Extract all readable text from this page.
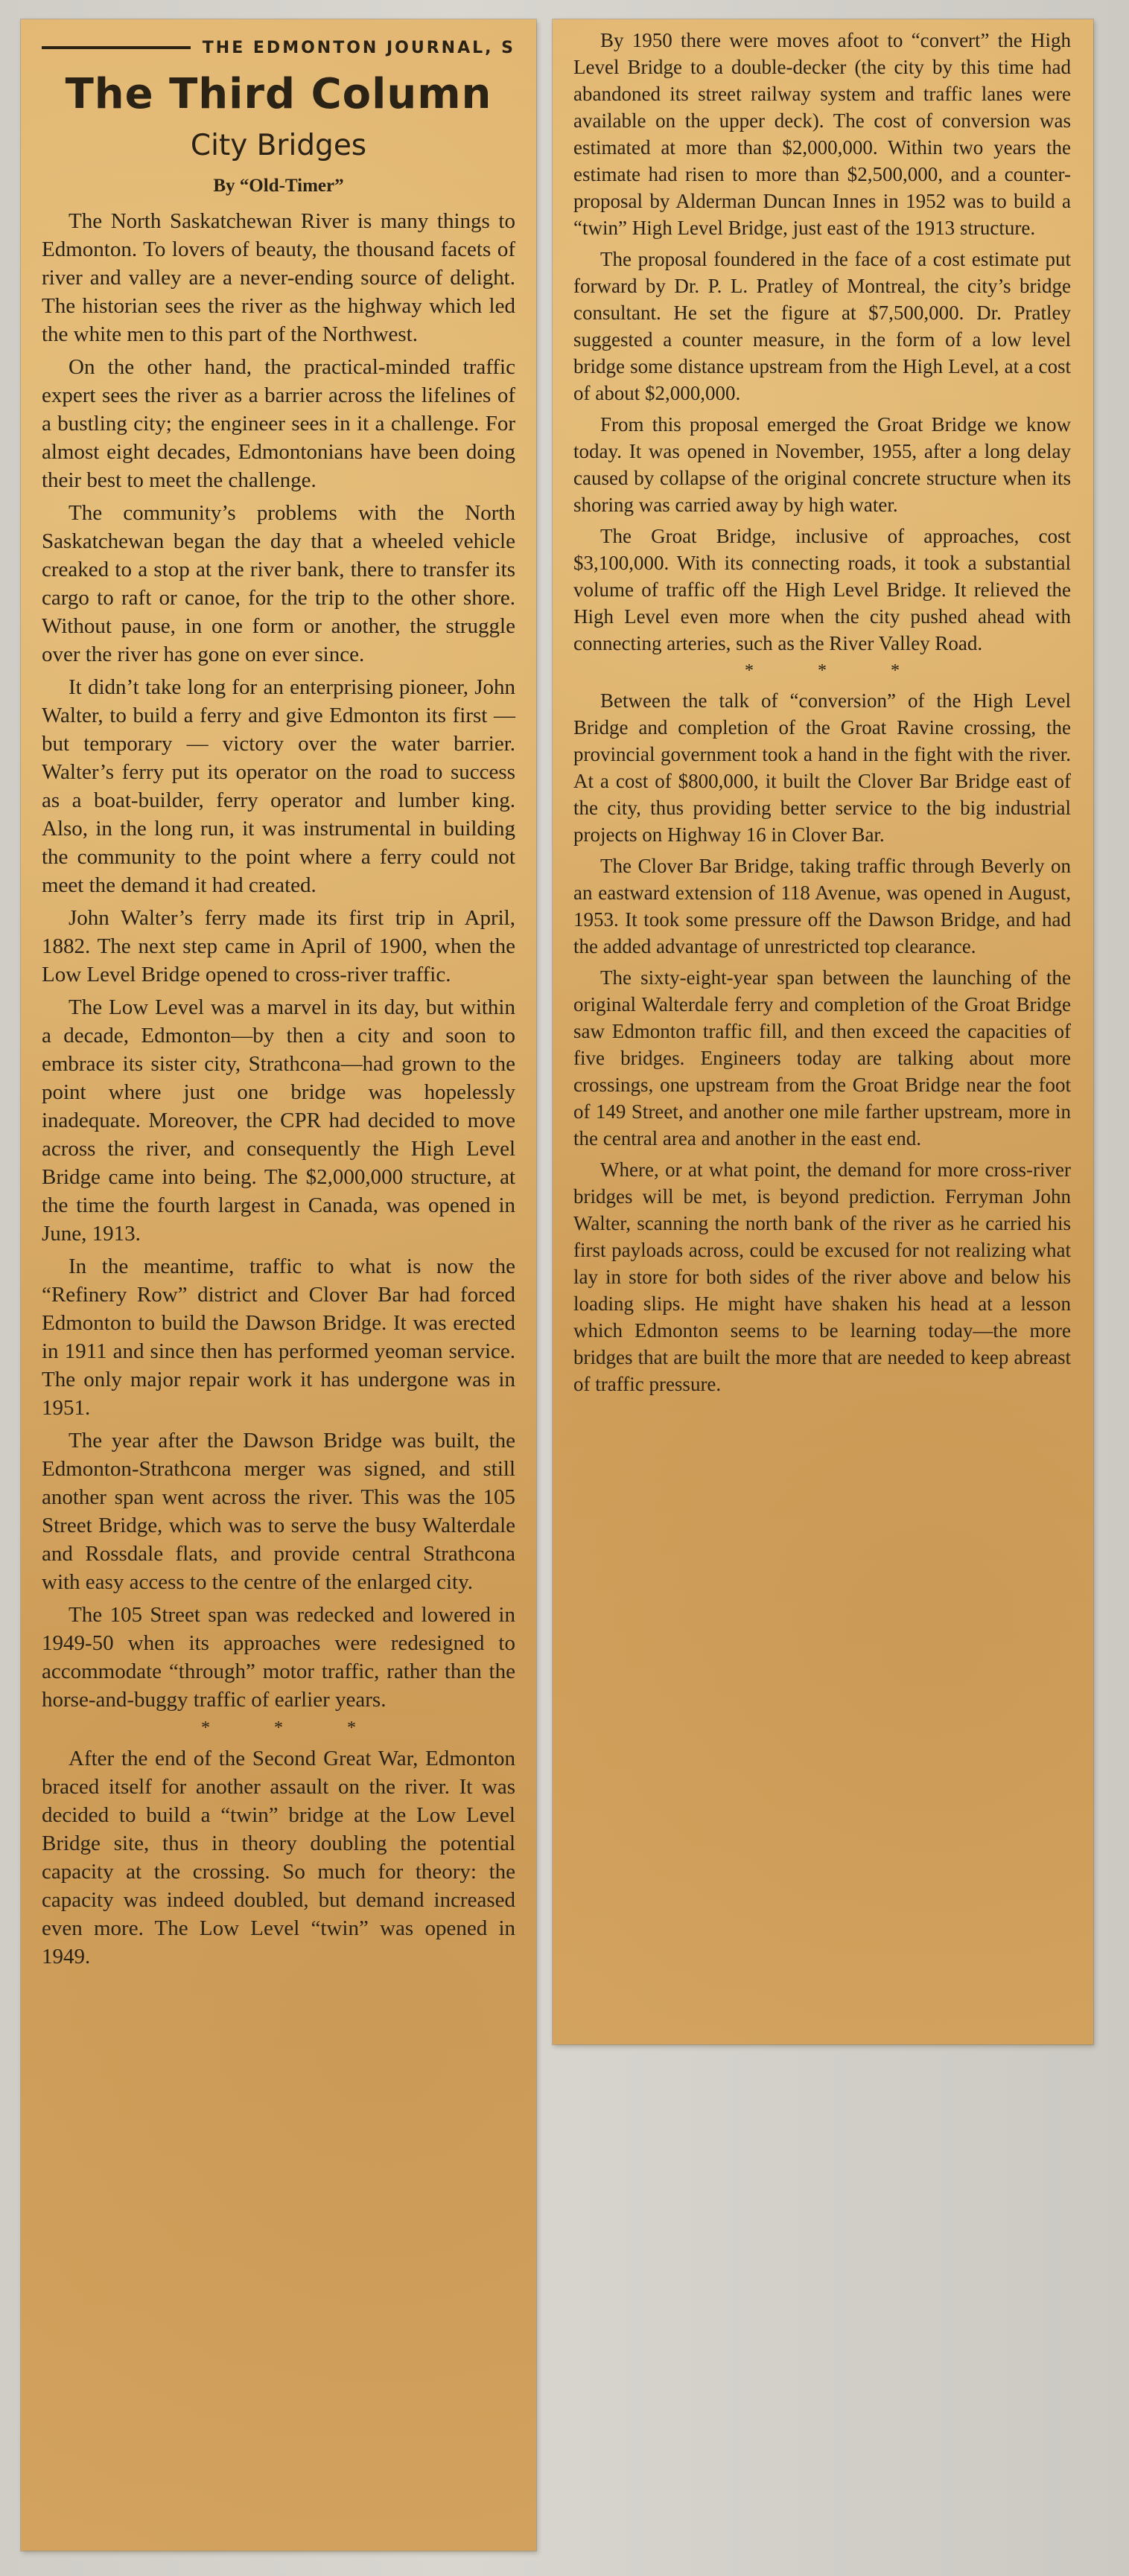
THE EDMONTON JOURNAL, S
The Third Column
City Bridges
By “Old-Timer”

The North Saskatchewan River is many things to Edmonton. To lovers of beauty, the thousand facets of river and valley are a never-ending source of delight. The historian sees the river as the highway which led the white men to this part of the Northwest.

On the other hand, the practical-minded traffic expert sees the river as a barrier across the lifelines of a bustling city; the engineer sees in it a challenge. For almost eight decades, Edmontonians have been doing their best to meet the challenge.

The community’s problems with the North Saskatchewan began the day that a wheeled vehicle creaked to a stop at the river bank, there to transfer its cargo to raft or canoe, for the trip to the other shore. Without pause, in one form or another, the struggle over the river has gone on ever since.

It didn’t take long for an enterprising pioneer, John Walter, to build a ferry and give Edmonton its first —but temporary — victory over the water barrier. Walter’s ferry put its operator on the road to success as a boat-builder, ferry operator and lumber king. Also, in the long run, it was instrumental in building the community to the point where a ferry could not meet the demand it had created.

John Walter’s ferry made its first trip in April, 1882. The next step came in April of 1900, when the Low Level Bridge opened to cross-river traffic.

The Low Level was a marvel in its day, but within a decade, Edmonton—by then a city and soon to embrace its sister city, Strathcona—had grown to the point where just one bridge was hopelessly inadequate. Moreover, the CPR had decided to move across the river, and consequently the High Level Bridge came into being. The $2,000,000 structure, at the time the fourth largest in Canada, was opened in June, 1913.

In the meantime, traffic to what is now the “Refinery Row” district and Clover Bar had forced Edmonton to build the Dawson Bridge. It was erected in 1911 and since then has performed yeoman service. The only major repair work it has undergone was in 1951.

The year after the Dawson Bridge was built, the Edmonton-Strathcona merger was signed, and still another span went across the river. This was the 105 Street Bridge, which was to serve the busy Walterdale and Rossdale flats, and provide central Strathcona with easy access to the centre of the enlarged city.

The 105 Street span was redecked and lowered in 1949-50 when its approaches were redesigned to accommodate “through” motor traffic, rather than the horse-and-buggy traffic of earlier years.

* * *

After the end of the Second Great War, Edmonton braced itself for another assault on the river. It was decided to build a “twin” bridge at the Low Level Bridge site, thus in theory doubling the potential capacity at the crossing. So much for theory: the capacity was indeed doubled, but demand increased even more. The Low Level “twin” was opened in 1949.

By 1950 there were moves afoot to “convert” the High Level Bridge to a double-decker (the city by this time had abandoned its street railway system and traffic lanes were available on the upper deck). The cost of conversion was estimated at more than $2,000,000. Within two years the estimate had risen to more than $2,500,000, and a counter-proposal by Alderman Duncan Innes in 1952 was to build a “twin” High Level Bridge, just east of the 1913 structure.

The proposal foundered in the face of a cost estimate put forward by Dr. P. L. Pratley of Montreal, the city’s bridge consultant. He set the figure at $7,500,000. Dr. Pratley suggested a counter measure, in the form of a low level bridge some distance upstream from the High Level, at a cost of about $2,000,000.

From this proposal emerged the Groat Bridge we know today. It was opened in November, 1955, after a long delay caused by collapse of the original concrete structure when its shoring was carried away by high water.

The Groat Bridge, inclusive of approaches, cost $3,100,000. With its connecting roads, it took a substantial volume of traffic off the High Level Bridge. It relieved the High Level even more when the city pushed ahead with connecting arteries, such as the River Valley Road.

* * *

Between the talk of “conversion” of the High Level Bridge and completion of the Groat Ravine crossing, the provincial government took a hand in the fight with the river. At a cost of $800,000, it built the Clover Bar Bridge east of the city, thus providing better service to the big industrial projects on Highway 16 in Clover Bar.

The Clover Bar Bridge, taking traffic through Beverly on an eastward extension of 118 Avenue, was opened in August, 1953. It took some pressure off the Dawson Bridge, and had the added advantage of unrestricted top clearance.

The sixty-eight-year span between the launching of the original Walterdale ferry and completion of the Groat Bridge saw Edmonton traffic fill, and then exceed the capacities of five bridges. Engineers today are talking about more crossings, one upstream from the Groat Bridge near the foot of 149 Street, and another one mile farther upstream, more in the central area and another in the east end.

Where, or at what point, the demand for more cross-river bridges will be met, is beyond prediction. Ferryman John Walter, scanning the north bank of the river as he carried his first payloads across, could be excused for not realizing what lay in store for both sides of the river above and below his loading slips. He might have shaken his head at a lesson which Edmonton seems to be learning today—the more bridges that are built the more that are needed to keep abreast of traffic pressure.
